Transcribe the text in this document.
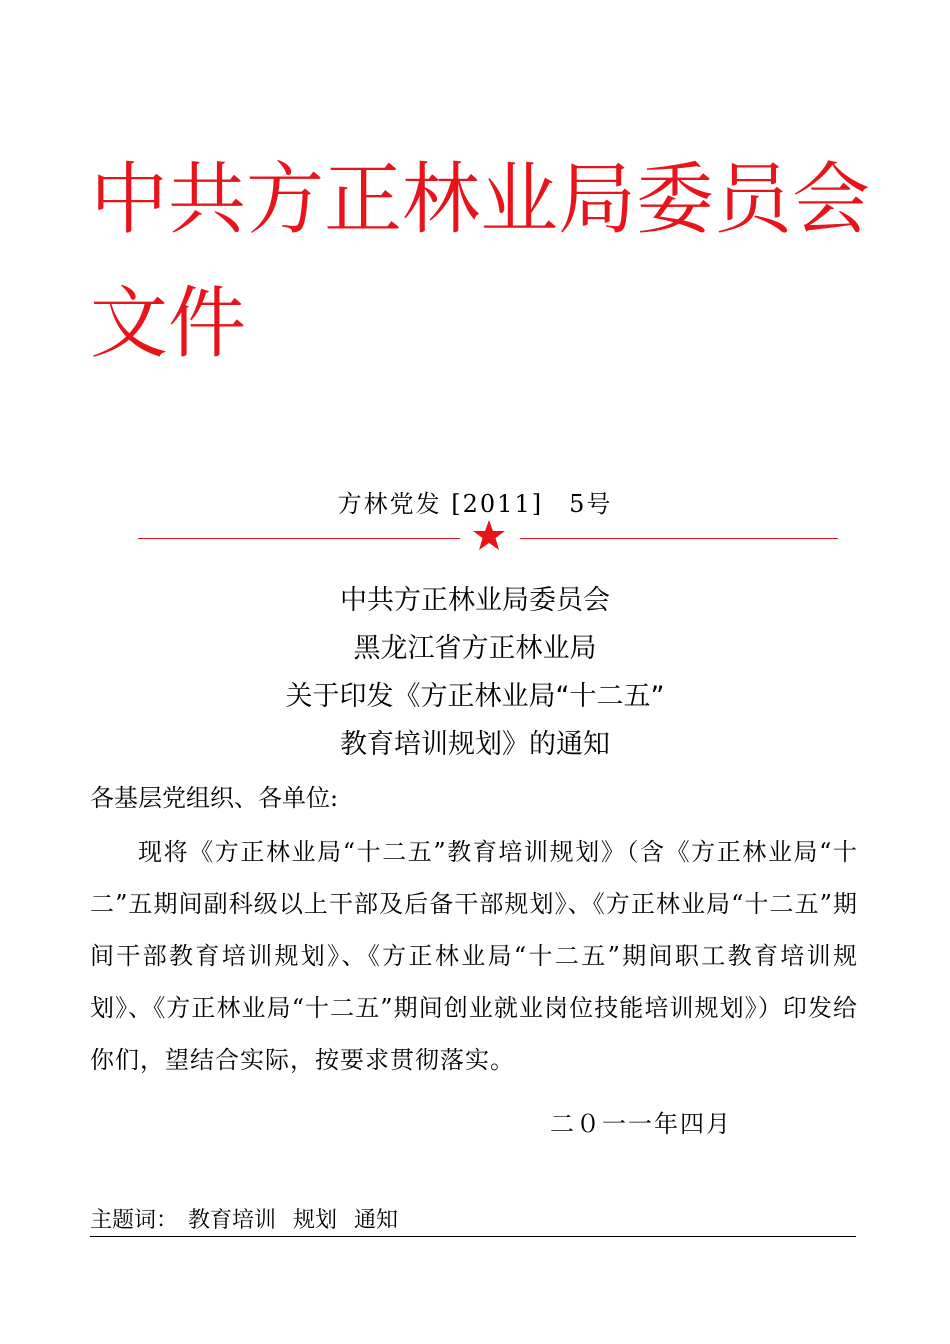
中共方正林业局委员会文件
方林党发 [2011]　5号
中共方正林业局委员会
黑龙江省方正林业局
关于印发《方正林业局“十二五”
教育培训规划》的通知
各基层党组织、各单位:
现将《方正林业局“十二五”教育培训规划》（含《方正林业局“十二”五期间副科级以上干部及后备干部规划》、《方正林业局“十二五”期间干部教育培训规划》、《方正林业局“十二五”期间职工教育培训规划》、《方正林业局“十二五”期间创业就业岗位技能培训规划》）印发给你们，望结合实际，按要求贯彻落实。
二０一一年四月
主题词： 教育培训 规划 通知
